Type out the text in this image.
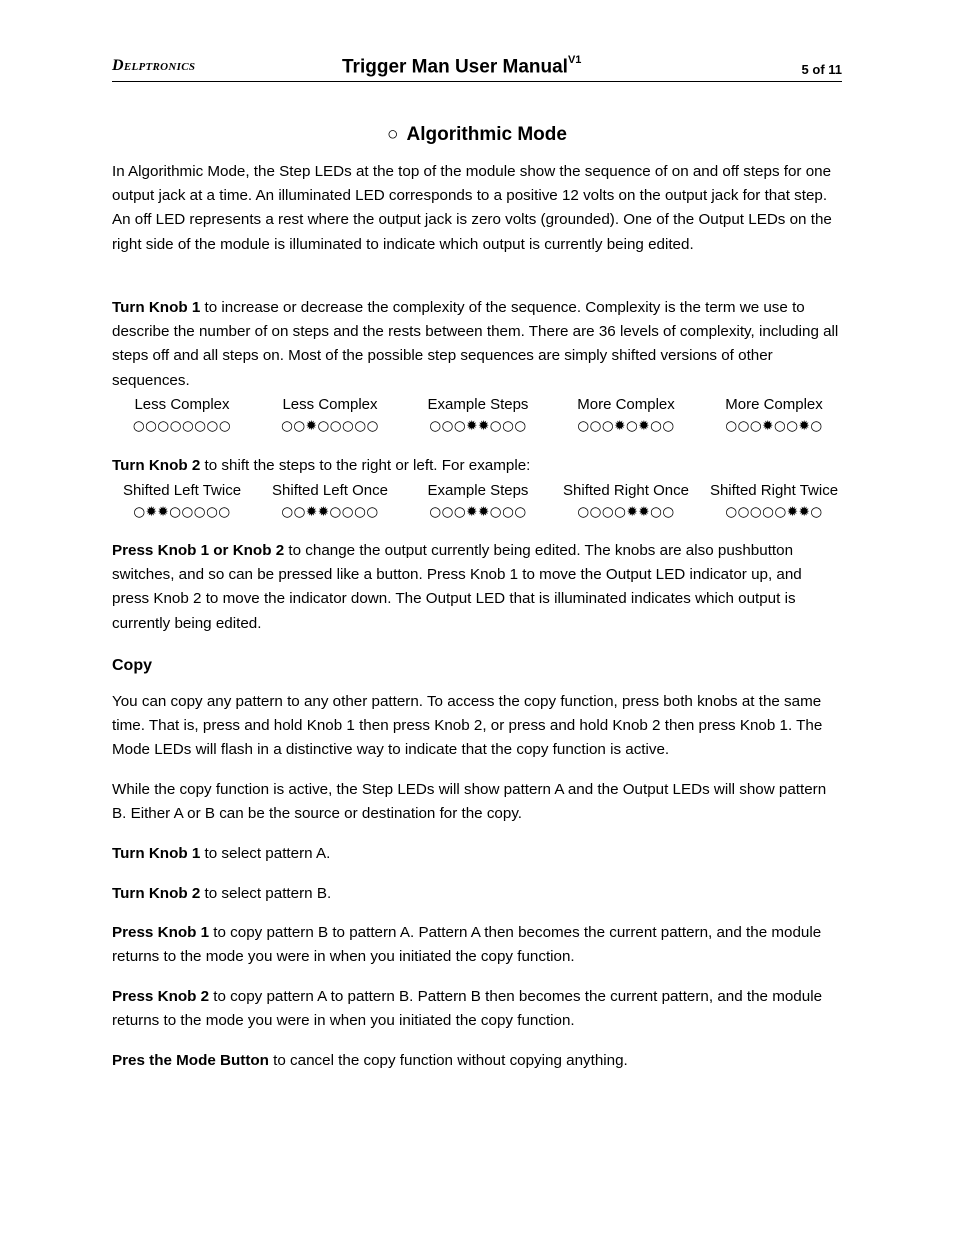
Delptronics	Trigger Man User Manual$^{V1}$
5 of 11
○ Algorithmic Mode
In Algorithmic Mode, the Step LEDs at the top of the module show the sequence of on and off steps for one output jack at a time. An illuminated LED corresponds to a positive 12 volts on the output jack for that step. An off LED represents a rest where the output jack is zero volts (grounded). One of the Output LEDs on the right side of the module is illuminated to indicate which output is currently being edited.
Turn Knob 1 to increase or decrease the complexity of the sequence. Complexity is the term we use to describe the number of on steps and the rests between them. There are 36 levels of complexity, including all steps off and all steps on. Most of the possible step sequences are simply shifted versions of other sequences.
Less Complex
○○○○○○○○
Less Complex
○○✹○○○○○
Example Steps
○○○✹✹○○○
More Complex
○○○✹○✹○○
More Complex
○○○✹○○✹○
Turn Knob 2 to shift the steps to the right or left. For example:
Shifted Left Twice
○✹✹○○○○○
Shifted Left Once
○○✹✹○○○○
Example Steps
○○○✹✹○○○
Shifted Right Once
○○○○✹✹○○
Shifted Right Twice
○○○○○✹✹○
Press Knob 1 or Knob 2 to change the output currently being edited. The knobs are also pushbutton switches, and so can be pressed like a button. Press Knob 1 to move the Output LED indicator up, and press Knob 2 to move the indicator down. The Output LED that is illuminated indicates which output is currently being edited.
Copy
You can copy any pattern to any other pattern. To access the copy function, press both knobs at the same time. That is, press and hold Knob 1 then press Knob 2, or press and hold Knob 2 then press Knob 1. The Mode LEDs will flash in a distinctive way to indicate that the copy function is active.
While the copy function is active, the Step LEDs will show pattern A and the Output LEDs will show pattern B. Either A or B can be the source or destination for the copy.
Turn Knob 1 to select pattern A.
Turn Knob 2 to select pattern B.
Press Knob 1 to copy pattern B to pattern A. Pattern A then becomes the current pattern, and the module returns to the mode you were in when you initiated the copy function.
Press Knob 2 to copy pattern A to pattern B. Pattern B then becomes the current pattern, and the module returns to the mode you were in when you initiated the copy function.
Pres the Mode Button to cancel the copy function without copying anything.
